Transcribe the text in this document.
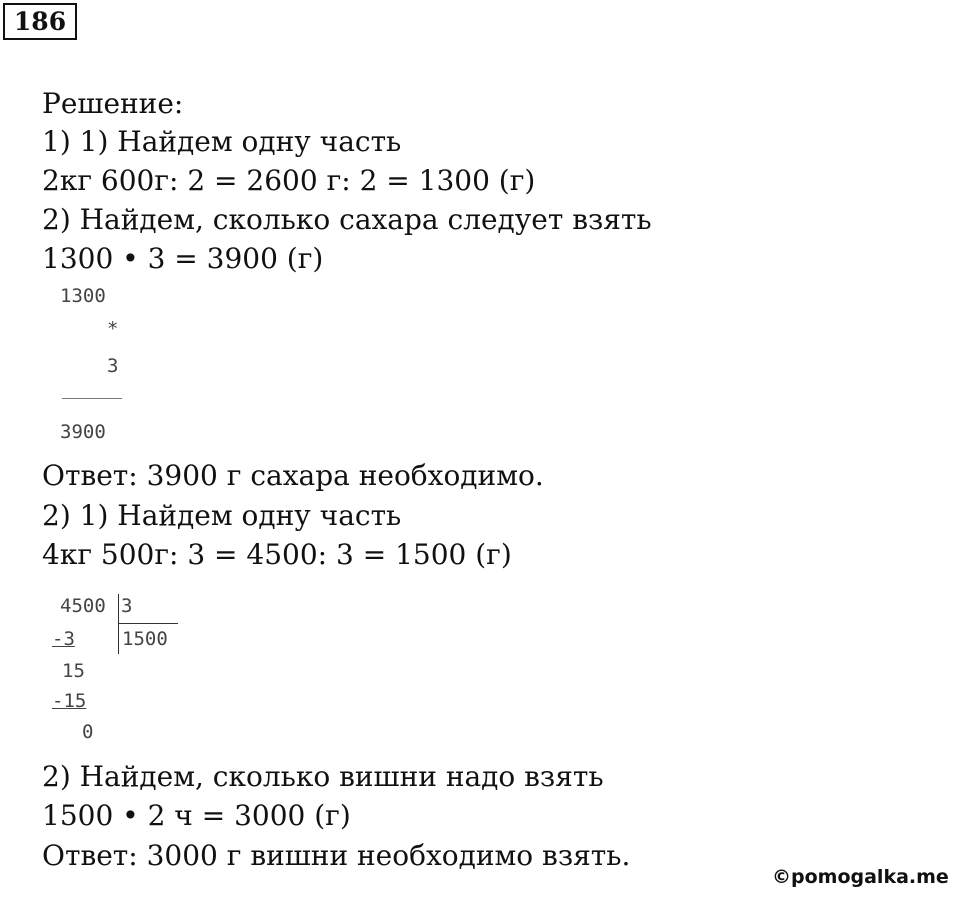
186
Решение:
1) 1) Найдем одну часть
2кг 600г: 2 = 2600 г: 2 = 1300 (г)
2) Найдем, сколько сахара следует взять
1300 • 3 = 3900 (г)
1300
*
3
3900
Ответ: 3900 г сахара необходимо.
2) 1) Найдем одну часть
4кг 500г: 3 = 4500: 3 = 1500 (г)
4500 3
-3 1500
15
-15
0
2) Найдем, сколько вишни надо взять
1500 • 2 ч = 3000 (г)
Ответ: 3000 г вишни необходимо взять.
©pomogalka.me
